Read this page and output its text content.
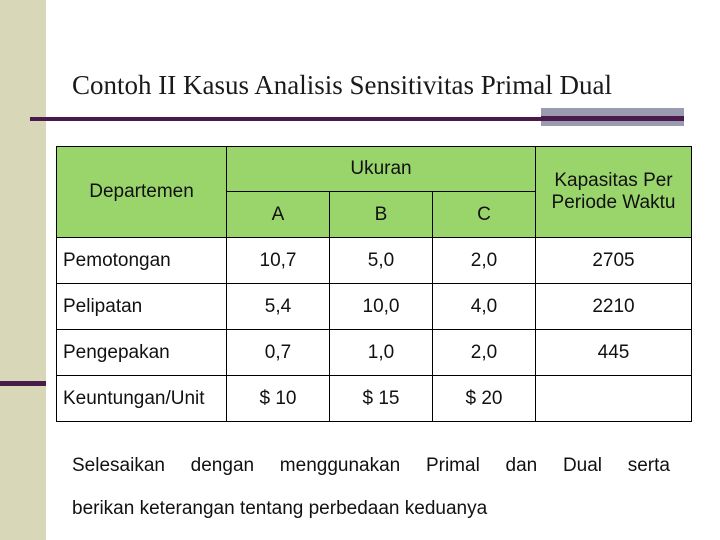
Contoh II Kasus Analisis Sensitivitas Primal Dual
Departemen	Ukuran			Kapasitas Per Periode Waktu
	A	B	C	
Pemotongan	10,7	5,0	2,0	2705
Pelipatan	5,4	10,0	4,0	2210
Pengepakan	0,7	1,0	2,0	445
Keuntungan/Unit	$ 10	$ 15	$ 20	
Selesaikan dengan menggunakan Primal dan Dual serta
berikan keterangan tentang perbedaan keduanya
